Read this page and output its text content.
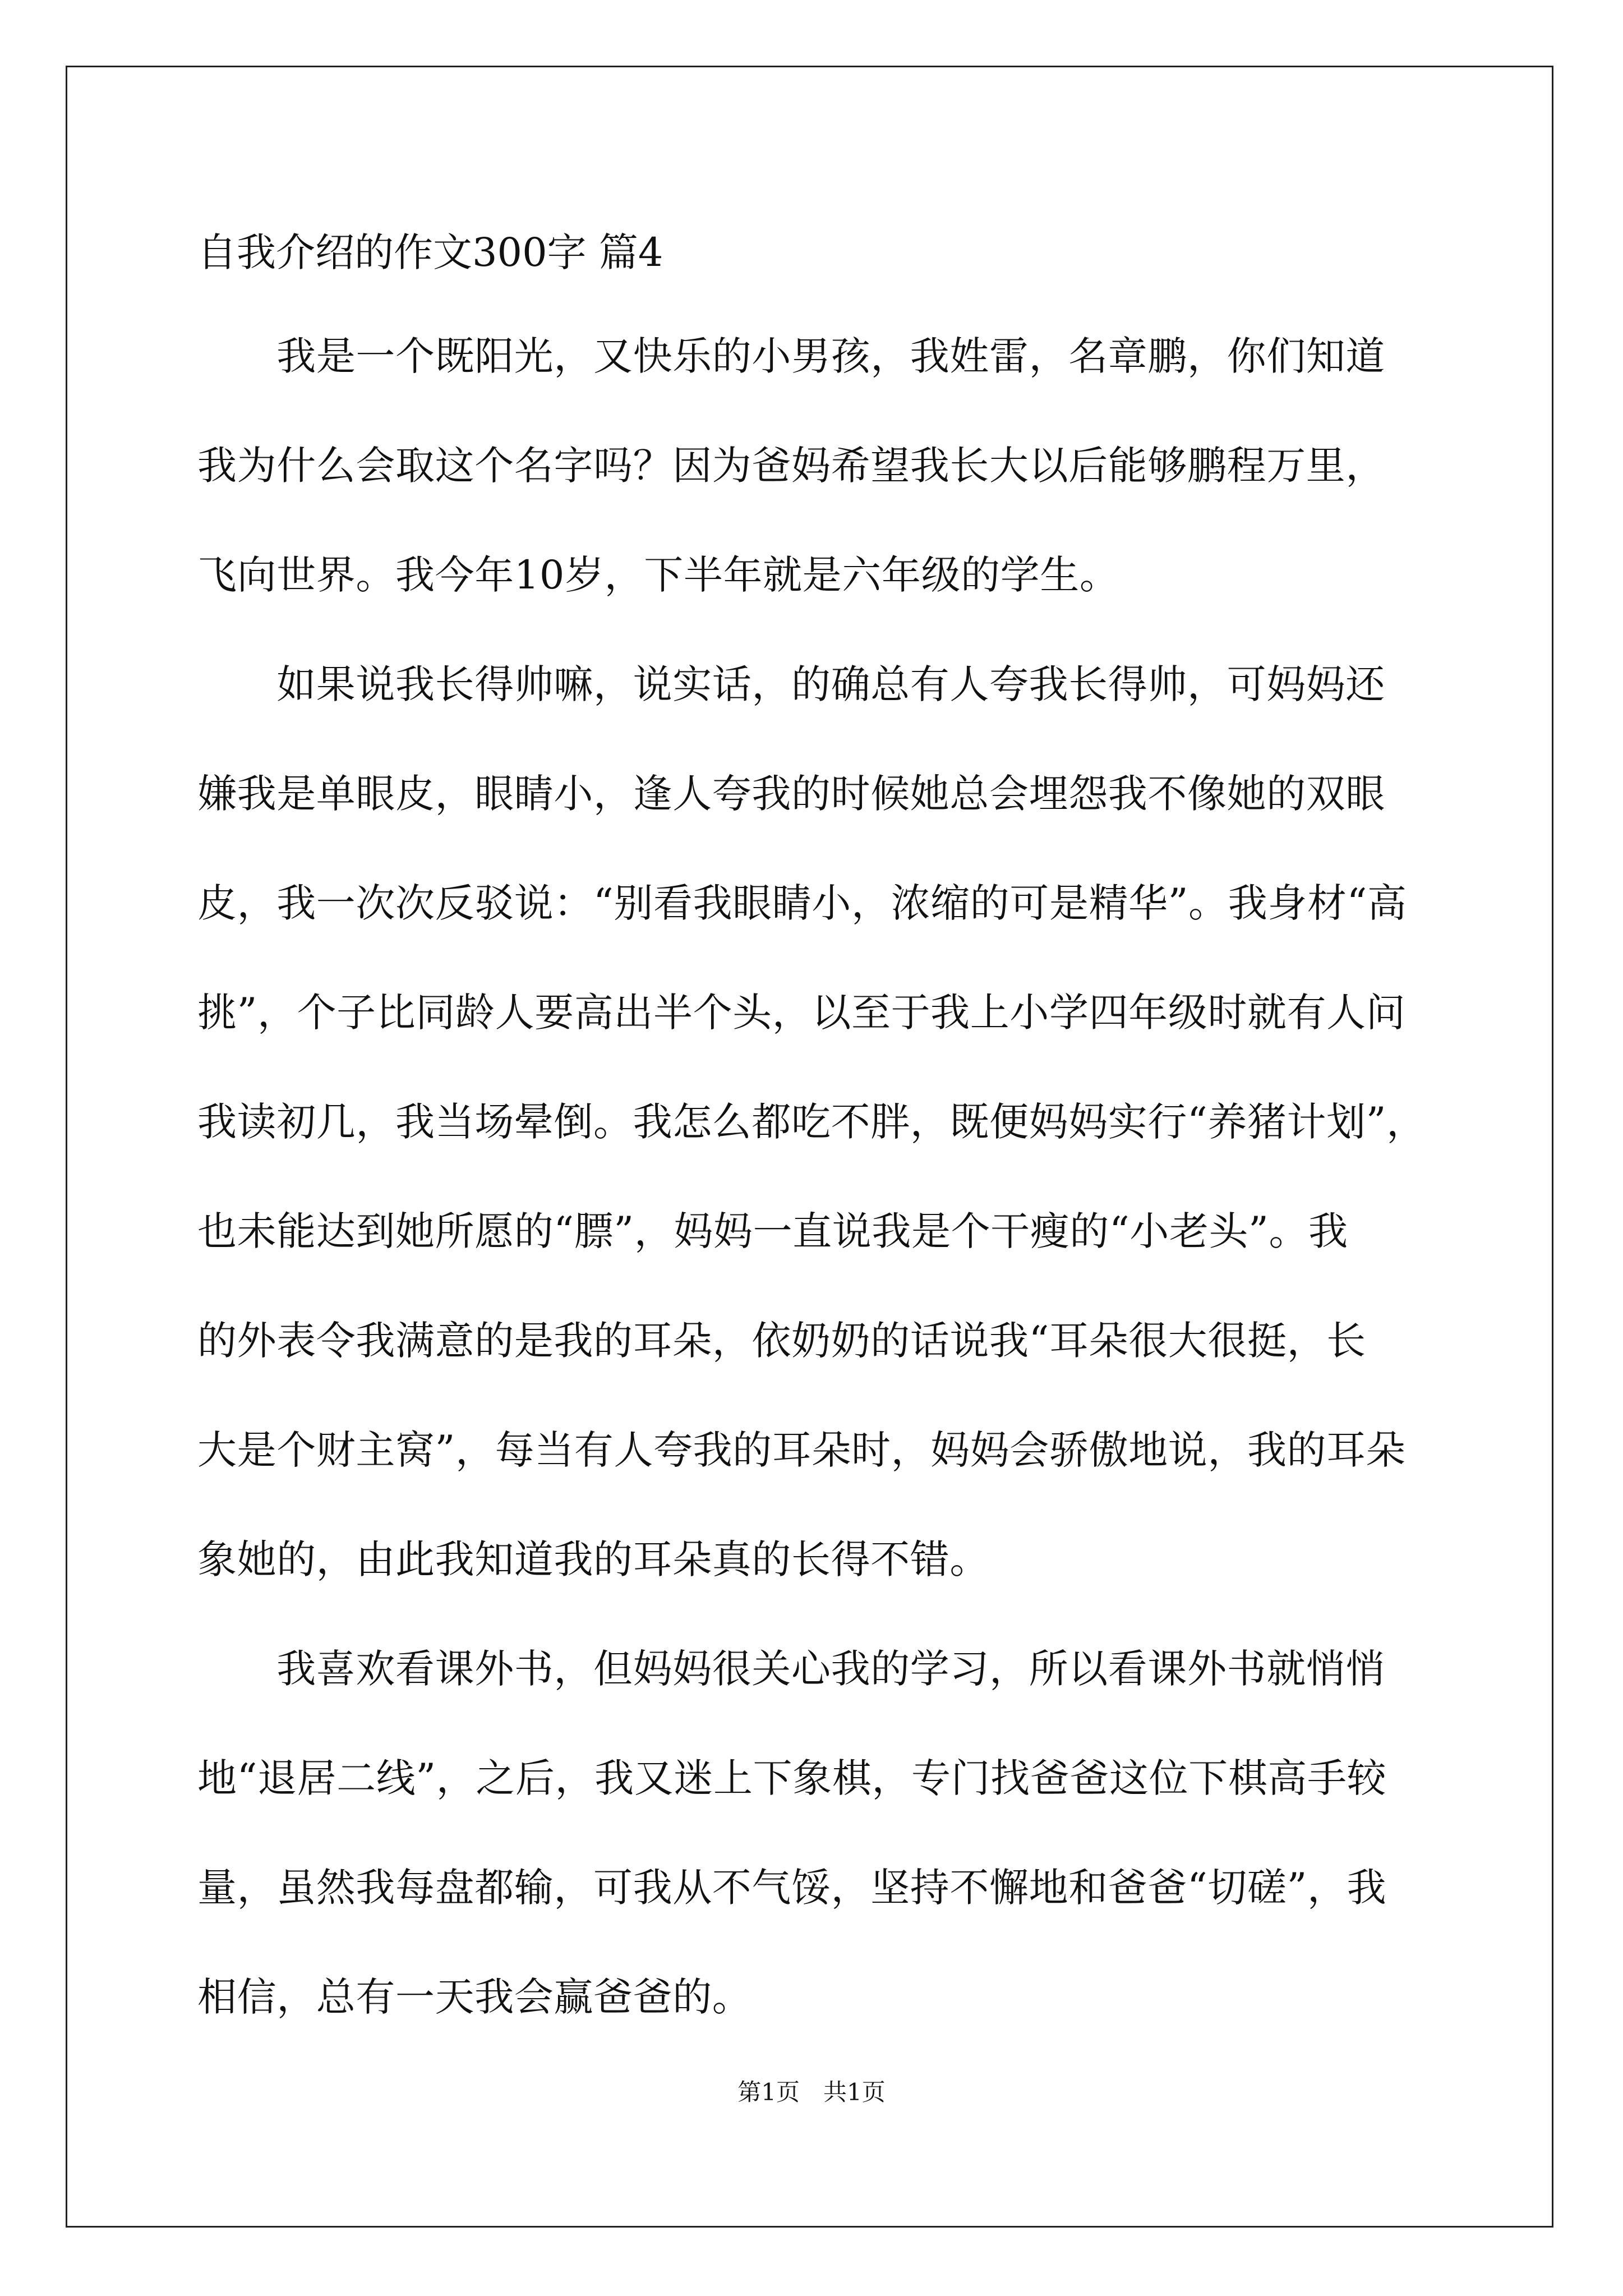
自我介绍的作文300字 篇4
　　我是一个既阳光，又快乐的小男孩，我姓雷，名章鹏，你们知道
我为什么会取这个名字吗？因为爸妈希望我长大以后能够鹏程万里，
飞向世界。我今年10岁，下半年就是六年级的学生。
　　如果说我长得帅嘛，说实话，的确总有人夸我长得帅，可妈妈还
嫌我是单眼皮，眼睛小，逢人夸我的时候她总会埋怨我不像她的双眼
皮，我一次次反驳说：“别看我眼睛小，浓缩的可是精华”。我身材“高
挑”，个子比同龄人要高出半个头，以至于我上小学四年级时就有人问
我读初几，我当场晕倒。我怎么都吃不胖，既便妈妈实行“养猪计划”，
也未能达到她所愿的“膘”，妈妈一直说我是个干瘦的“小老头”。我
的外表令我满意的是我的耳朵，依奶奶的话说我“耳朵很大很挺，长
大是个财主窝”，每当有人夸我的耳朵时，妈妈会骄傲地说，我的耳朵
象她的，由此我知道我的耳朵真的长得不错。
　　我喜欢看课外书，但妈妈很关心我的学习，所以看课外书就悄悄
地“退居二线”，之后，我又迷上下象棋，专门找爸爸这位下棋高手较
量，虽然我每盘都输，可我从不气馁，坚持不懈地和爸爸“切磋”，我
相信，总有一天我会赢爸爸的。
第1页　共1页
